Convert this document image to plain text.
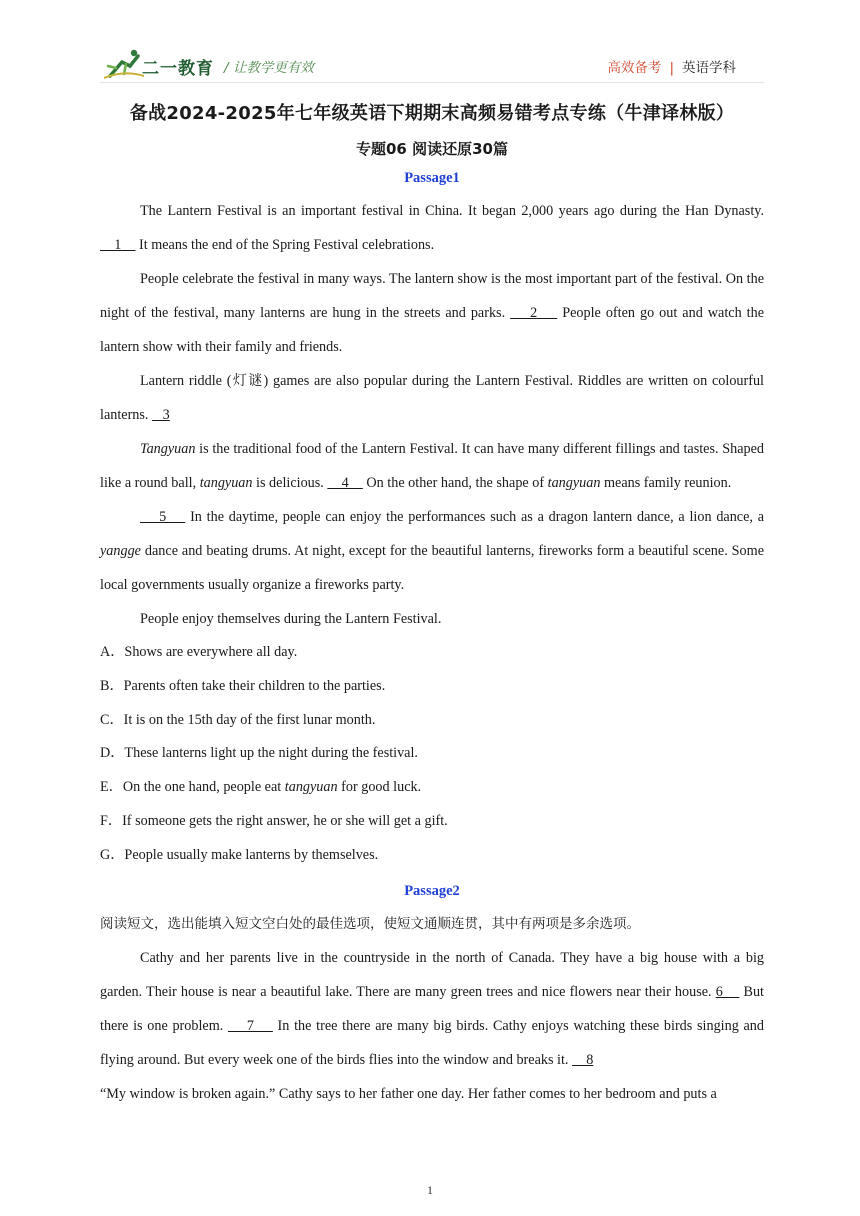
二一教育 / 让教学更有效	高效备考 | 英语学科
备战2024-2025年七年级英语下期期末高频易错考点专练（牛津译林版）
专题06 阅读还原30篇
Passage1

The Lantern Festival is an important festival in China. It began 2,000 years ago during the Han Dynasty.     1     It means the end of the Spring Festival celebrations.

People celebrate the festival in many ways. The lantern show is the most important part of the festival. On the night of the festival, many lanterns are hung in the streets and parks.     2     People often go out and watch the lantern show with their family and friends.

Lantern riddle (灯谜) games are also popular during the Lantern Festival. Riddles are written on colourful lanterns.    3

Tangyuan is the traditional food of the Lantern Festival. It can have many different fillings and tastes. Shaped like a round ball, tangyuan is delicious.     4     On the other hand, the shape of tangyuan means family reunion.

5     In the daytime, people can enjoy the performances such as a dragon lantern dance, a lion dance, a yangge dance and beating drums. At night, except for the beautiful lanterns, fireworks form a beautiful scene. Some local governments usually organize a fireworks party.

People enjoy themselves during the Lantern Festival.

A．Shows are everywhere all day.
B．Parents often take their children to the parties.
C．It is on the 15th day of the first lunar month.
D．These lanterns light up the night during the festival.
E．On the one hand, people eat tangyuan for good luck.
F．If someone gets the right answer, he or she will get a gift.
G．People usually make lanterns by themselves.
Passage2
阅读短文，选出能填入短文空白处的最佳选项，使短文通顺连贯，其中有两项是多余选项。

Cathy and her parents live in the countryside in the north of Canada. They have a big house with a big garden. Their house is near a beautiful lake. There are many green trees and nice flowers near their house. 6     But there is one problem.     7     In the tree there are many big birds. Cathy enjoys watching these birds singing and flying around. But every week one of the birds flies into the window and breaks it.     8

“My window is broken again.” Cathy says to her father one day. Her father comes to her bedroom and puts a

1
